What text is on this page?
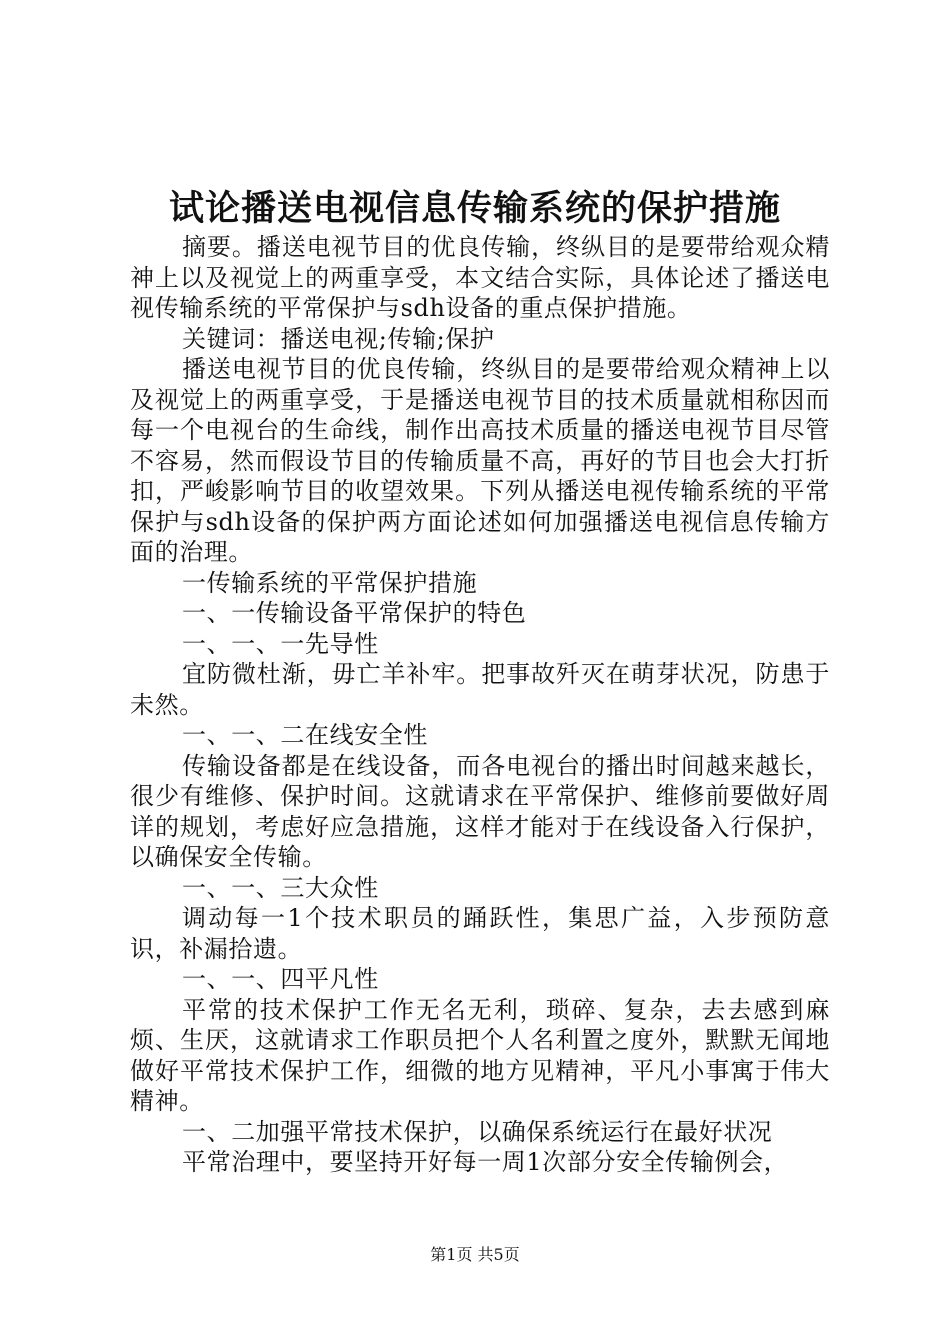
试论播送电视信息传输系统的保护措施

摘要。播送电视节目的优良传输，终纵目的是要带给观众精神上以及视觉上的两重享受，本文结合实际，具体论述了播送电视传输系统的平常保护与sdh设备的重点保护措施。

关键词：播送电视;传输;保护

播送电视节目的优良传输，终纵目的是要带给观众精神上以及视觉上的两重享受，于是播送电视节目的技术质量就相称因而每一个电视台的生命线，制作出高技术质量的播送电视节目尽管不容易，然而假设节目的传输质量不高，再好的节目也会大打折扣，严峻影响节目的收望效果。下列从播送电视传输系统的平常保护与sdh设备的保护两方面论述如何加强播送电视信息传输方面的治理。

一传输系统的平常保护措施

一、一传输设备平常保护的特色

一、一、一先导性

宜防微杜渐，毋亡羊补牢。把事故歼灭在萌芽状况，防患于未然。

一、一、二在线安全性

传输设备都是在线设备，而各电视台的播出时间越来越长，很少有维修、保护时间。这就请求在平常保护、维修前要做好周详的规划，考虑好应急措施，这样才能对于在线设备入行保护，以确保安全传输。

一、一、三大众性

调动每一1个技术职员的踊跃性，集思广益，入步预防意识，补漏拾遗。

一、一、四平凡性

平常的技术保护工作无名无利，琐碎、复杂，去去感到麻烦、生厌，这就请求工作职员把个人名利置之度外，默默无闻地做好平常技术保护工作，细微的地方见精神，平凡小事寓于伟大精神。

一、二加强平常技术保护，以确保系统运行在最好状况

平常治理中，要坚持开好每一周1次部分安全传输例会，

第1页 共5页
